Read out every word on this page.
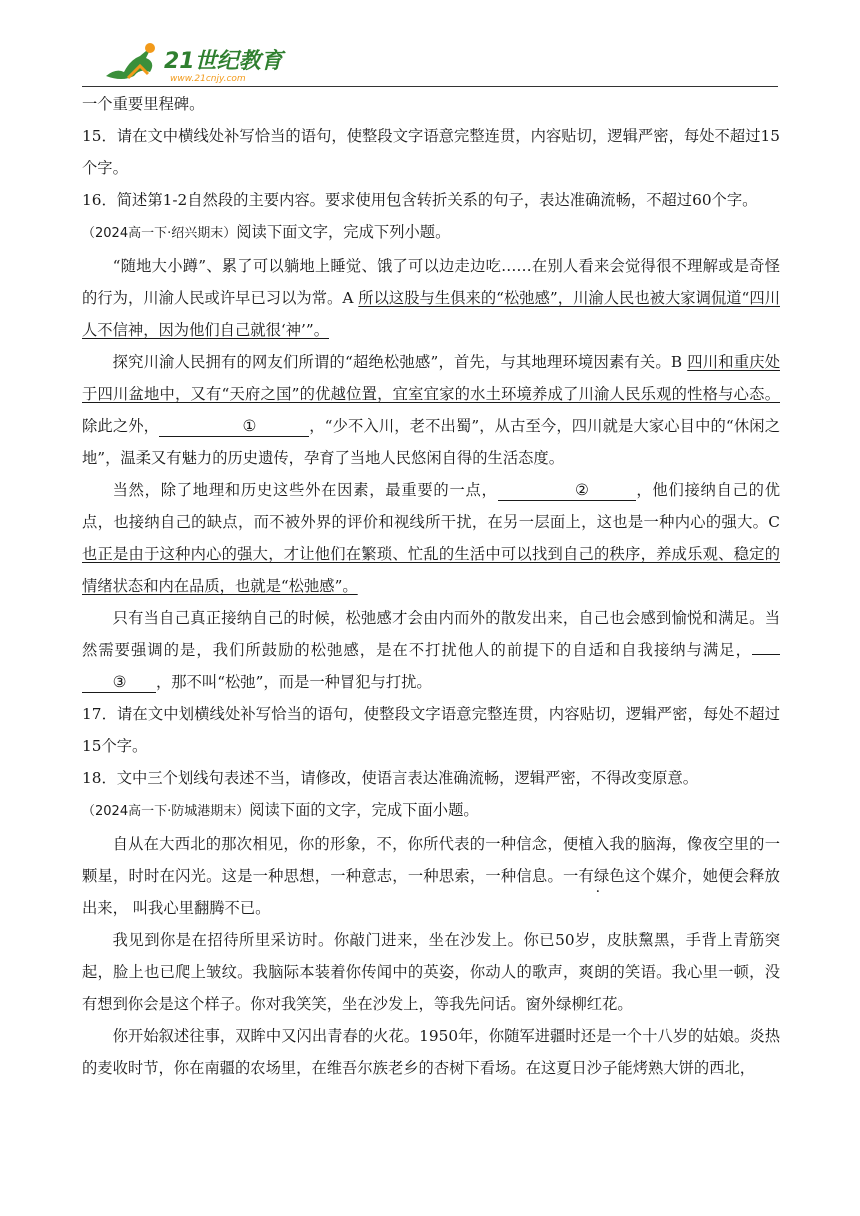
21世纪教育
www.21cnjy.com

一个重要里程碑。

15．请在文中横线处补写恰当的语句，使整段文字语意完整连贯，内容贴切，逻辑严密，每处不超过15个字。

16．简述第1-2自然段的主要内容。要求使用包含转折关系的句子，表达准确流畅，不超过60个字。

（2024高一下·绍兴期末）阅读下面文字，完成下列小题。

“随地大小蹲”、累了可以躺地上睡觉、饿了可以边走边吃……在别人看来会觉得很不理解或是奇怪的行为，川渝人民或许早已习以为常。A 所以这股与生俱来的“松弛感”，川渝人民也被大家调侃道“四川人不信神，因为他们自己就很‘神’”。

探究川渝人民拥有的网友们所谓的“超绝松弛感”，首先，与其地理环境因素有关。B 四川和重庆处于四川盆地中，又有“天府之国”的优越位置，宜室宜家的水土环境养成了川渝人民乐观的性格与心态。除此之外，	①	，“少不入川，老不出蜀”，从古至今，四川就是大家心目中的“休闲之地”，温柔又有魅力的历史遗传，孕育了当地人民悠闲自得的生活态度。

当然，除了地理和历史这些外在因素，最重要的一点，	②	，他们接纳自己的优点，也接纳自己的缺点，而不被外界的评价和视线所干扰，在另一层面上，这也是一种内心的强大。C 也正是由于这种内心的强大，才让他们在繁琐、忙乱的生活中可以找到自己的秩序，养成乐观、稳定的情绪状态和内在品质，也就是“松弛感”。

只有当自己真正接纳自己的时候，松弛感才会由内而外的散发出来，自己也会感到愉悦和满足。当然需要强调的是，我们所鼓励的松弛感，是在不打扰他人的前提下的自适和自我接纳与满足，③ ，那不叫“松弛”，而是一种冒犯与打扰。

17．请在文中划横线处补写恰当的语句，使整段文字语意完整连贯，内容贴切，逻辑严密，每处不超过15个字。

18．文中三个划线句表述不当，请修改，使语言表达准确流畅，逻辑严密，不得改变原意。

（2024高一下·防城港期末）阅读下面的文字，完成下面小题。

自从在大西北的那次相见，你的形象，不，你所代表的一种信念，便植入我的脑海，像夜空里的一颗星，时时在闪光。这是一种思想，一种意志，一种思索，一种信息。一 ·有绿色这个媒介，她便会释放出来， 叫我心里翻腾不已。

我见到你是在招待所里采访时。你敲门进来，坐在沙发上。你已50岁，皮肤黧黑，手背上青筋突起，脸上也已爬上皱纹。我脑际本装着你传闻中的英姿，你动人的歌声，爽朗的笑语。我心里一顿，没有想到你会是这个样子。你对我笑笑，坐在沙发上，等我先问话。窗外绿柳红花。

你开始叙述往事，双眸中又闪出青春的火花。1950年，你随军进疆时还是一个十八岁的姑娘。炎热的麦收时节，你在南疆的农场里，在维吾尔族老乡的杏树下看场。在这夏日沙子能烤熟大饼的西北，
